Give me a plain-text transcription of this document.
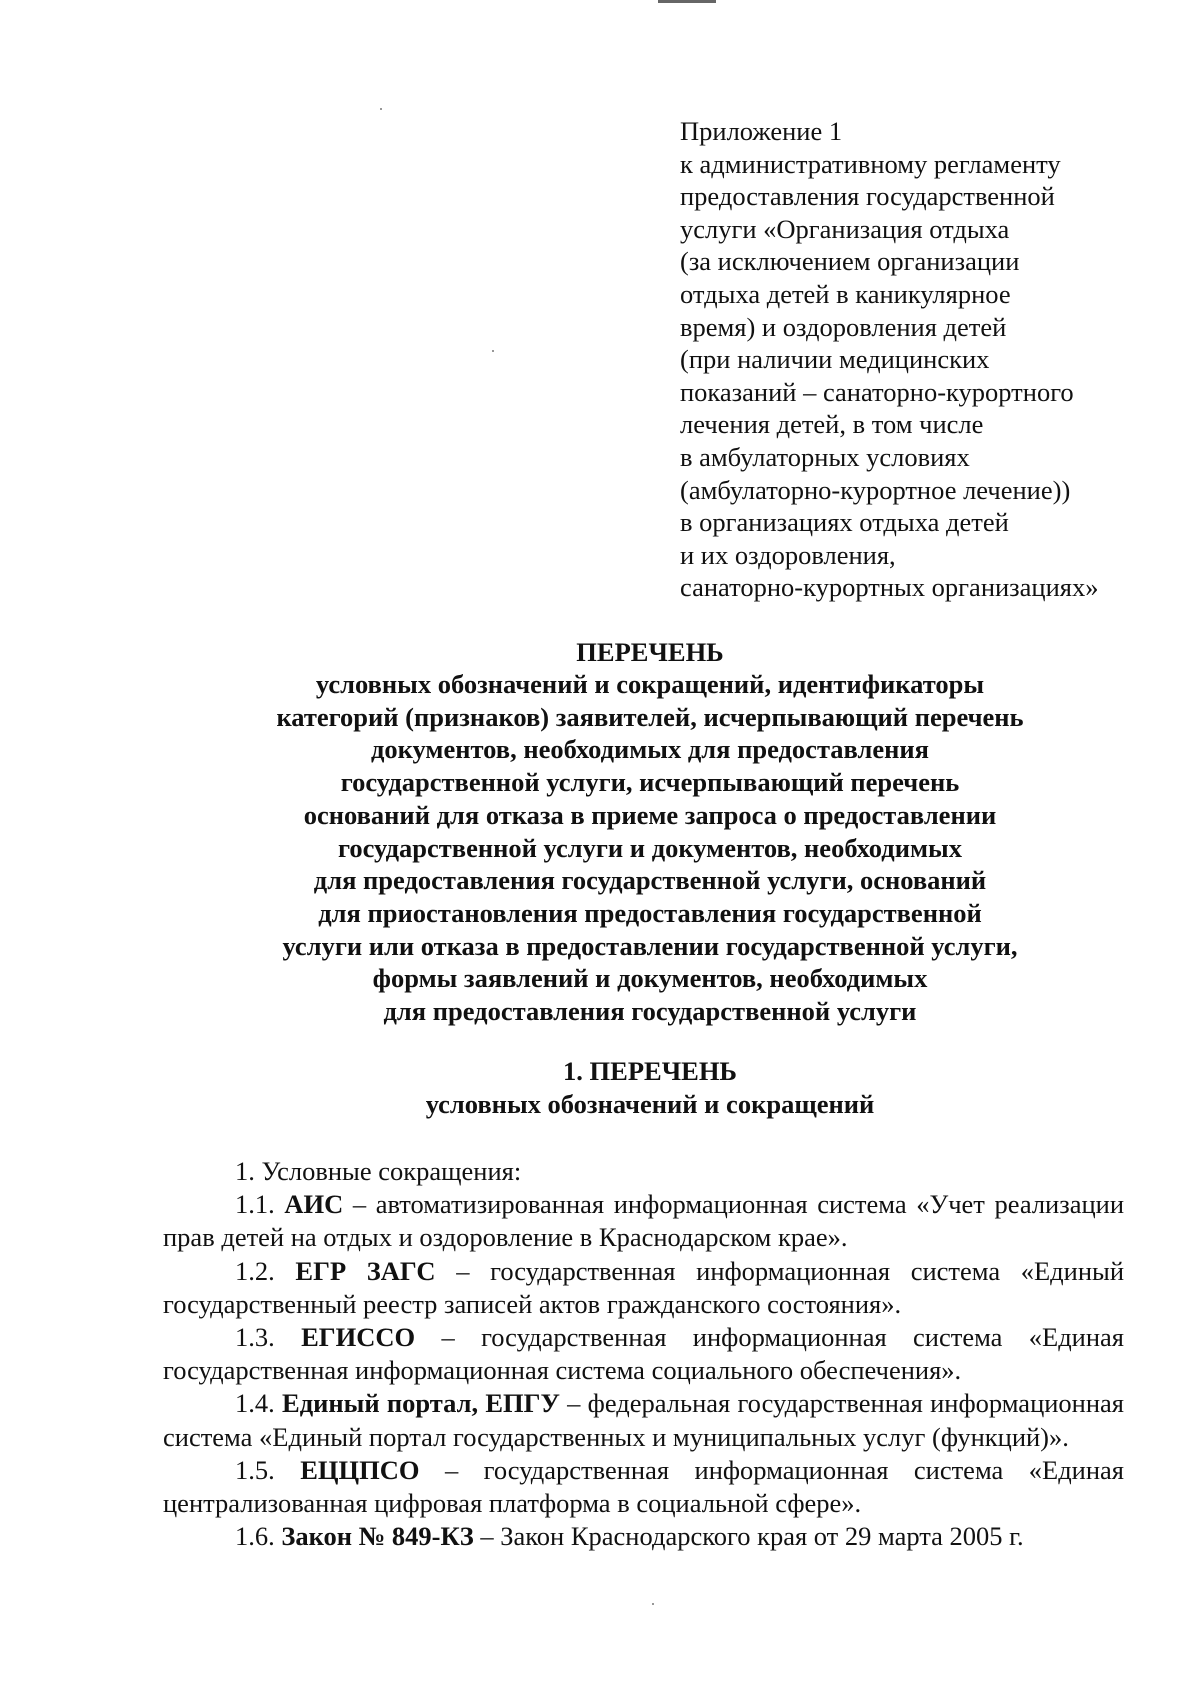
Приложение 1
к административному регламенту
предоставления государственной
услуги «Организация отдыха
(за исключением организации
отдыха детей в каникулярное
время) и оздоровления детей
(при наличии медицинских
показаний – санаторно-курортного
лечения детей, в том числе
в амбулаторных условиях
(амбулаторно-курортное лечение))
в организациях отдыха детей
и их оздоровления,
санаторно-курортных организациях»
ПЕРЕЧЕНЬ
условных обозначений и сокращений, идентификаторы
категорий (признаков) заявителей, исчерпывающий перечень
документов, необходимых для предоставления
государственной услуги, исчерпывающий перечень
оснований для отказа в приеме запроса о предоставлении
государственной услуги и документов, необходимых
для предоставления государственной услуги, оснований
для приостановления предоставления государственной
услуги или отказа в предоставлении государственной услуги,
формы заявлений и документов, необходимых
для предоставления государственной услуги
1. ПЕРЕЧЕНЬ
условных обозначений и сокращений
1. Условные сокращения:
1.1. АИС – автоматизированная информационная система «Учет реализации прав детей на отдых и оздоровление в Краснодарском крае».
1.2. ЕГР ЗАГС – государственная информационная система «Единый государственный реестр записей актов гражданского состояния».
1.3. ЕГИССО – государственная информационная система «Единая государственная информационная система социального обеспечения».
1.4. Единый портал, ЕПГУ – федеральная государственная информационная система «Единый портал государственных и муниципальных услуг (функций)».
1.5. ЕЦЦПСО – государственная информационная система «Единая централизованная цифровая платформа в социальной сфере».
1.6. Закон № 849-КЗ – Закон Краснодарского края от 29 марта 2005 г.
